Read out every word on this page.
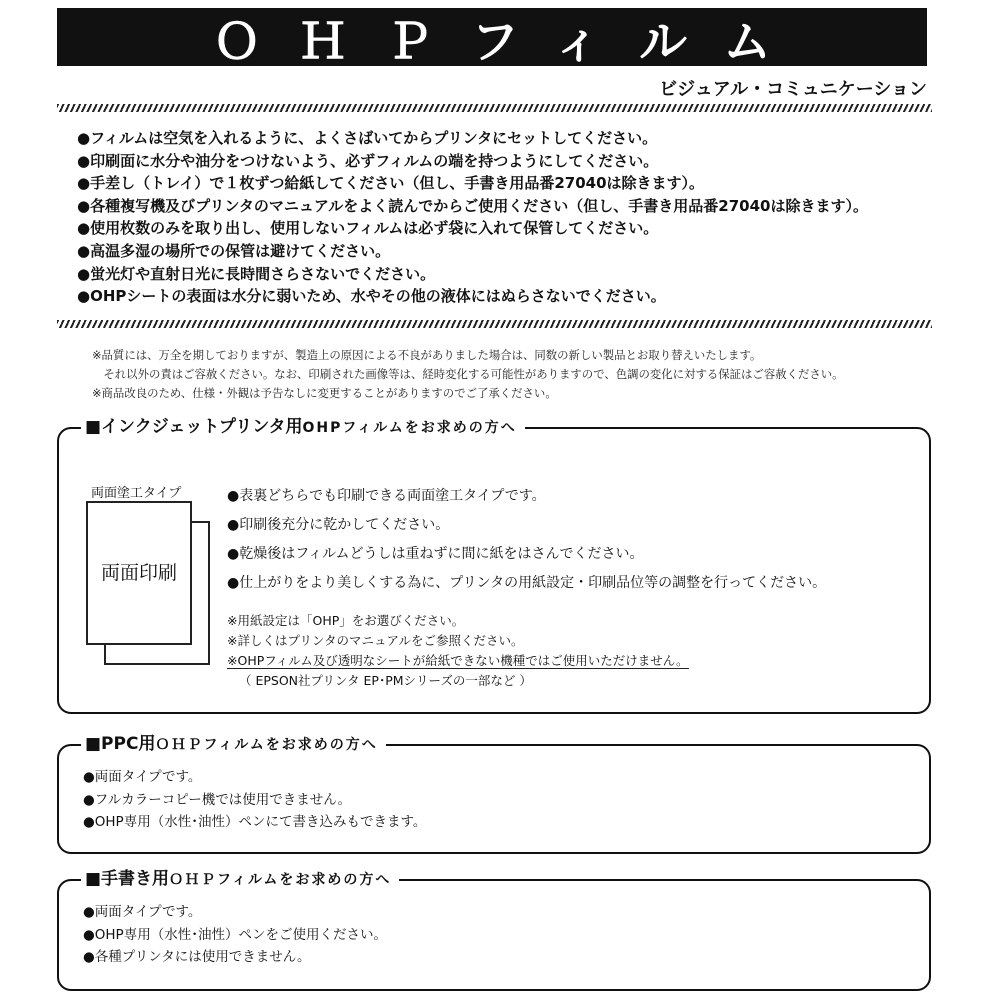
ＯＨＰフィルム
ビジュアル・コミュニケーション
●フィルムは空気を入れるように、よくさばいてからプリンタにセットしてください。
●印刷面に水分や油分をつけないよう、必ずフィルムの端を持つようにしてください。
●手差し（トレイ）で１枚ずつ給紙してください（但し、手書き用品番27040は除きます）。
●各種複写機及びプリンタのマニュアルをよく読んでからご使用ください（但し、手書き用品番27040は除きます）。
●使用枚数のみを取り出し、使用しないフィルムは必ず袋に入れて保管してください。
●高温多湿の場所での保管は避けてください。
●蛍光灯や直射日光に長時間さらさないでください。
●OHPシートの表面は水分に弱いため、水やその他の液体にはぬらさないでください。
※品質には、万全を期しておりますが、製造上の原因による不良がありました場合は、同数の新しい製品とお取り替えいたします。
　それ以外の責はご容赦ください。なお、印刷された画像等は、経時変化する可能性がありますので、色調の変化に対する保証はご容赦ください。
※商品改良のため、仕様・外観は予告なしに変更することがありますのでご了承ください。
■インクジェットプリンタ用OHPフィルムをお求めの方へ
両面塗工タイプ
両面印刷
●表裏どちらでも印刷できる両面塗工タイプです。
●印刷後充分に乾かしてください。
●乾燥後はフィルムどうしは重ねずに間に紙をはさんでください。
●仕上がりをより美しくする為に、プリンタの用紙設定・印刷品位等の調整を行ってください。
※用紙設定は「OHP」をお選びください。
※詳しくはプリンタのマニュアルをご参照ください。
※OHPフィルム及び透明なシートが給紙できない機種ではご使用いただけません。
（ EPSON社プリンタ EP･PMシリーズの一部など ）
■PPC用ＯＨＰフィルムをお求めの方へ
●両面タイプです。
●フルカラーコピー機では使用できません。
●OHP専用（水性･油性）ペンにて書き込みもできます。
■手書き用ＯＨＰフィルムをお求めの方へ
●両面タイプです。
●OHP専用（水性･油性）ペンをご使用ください。
●各種プリンタには使用できません。
